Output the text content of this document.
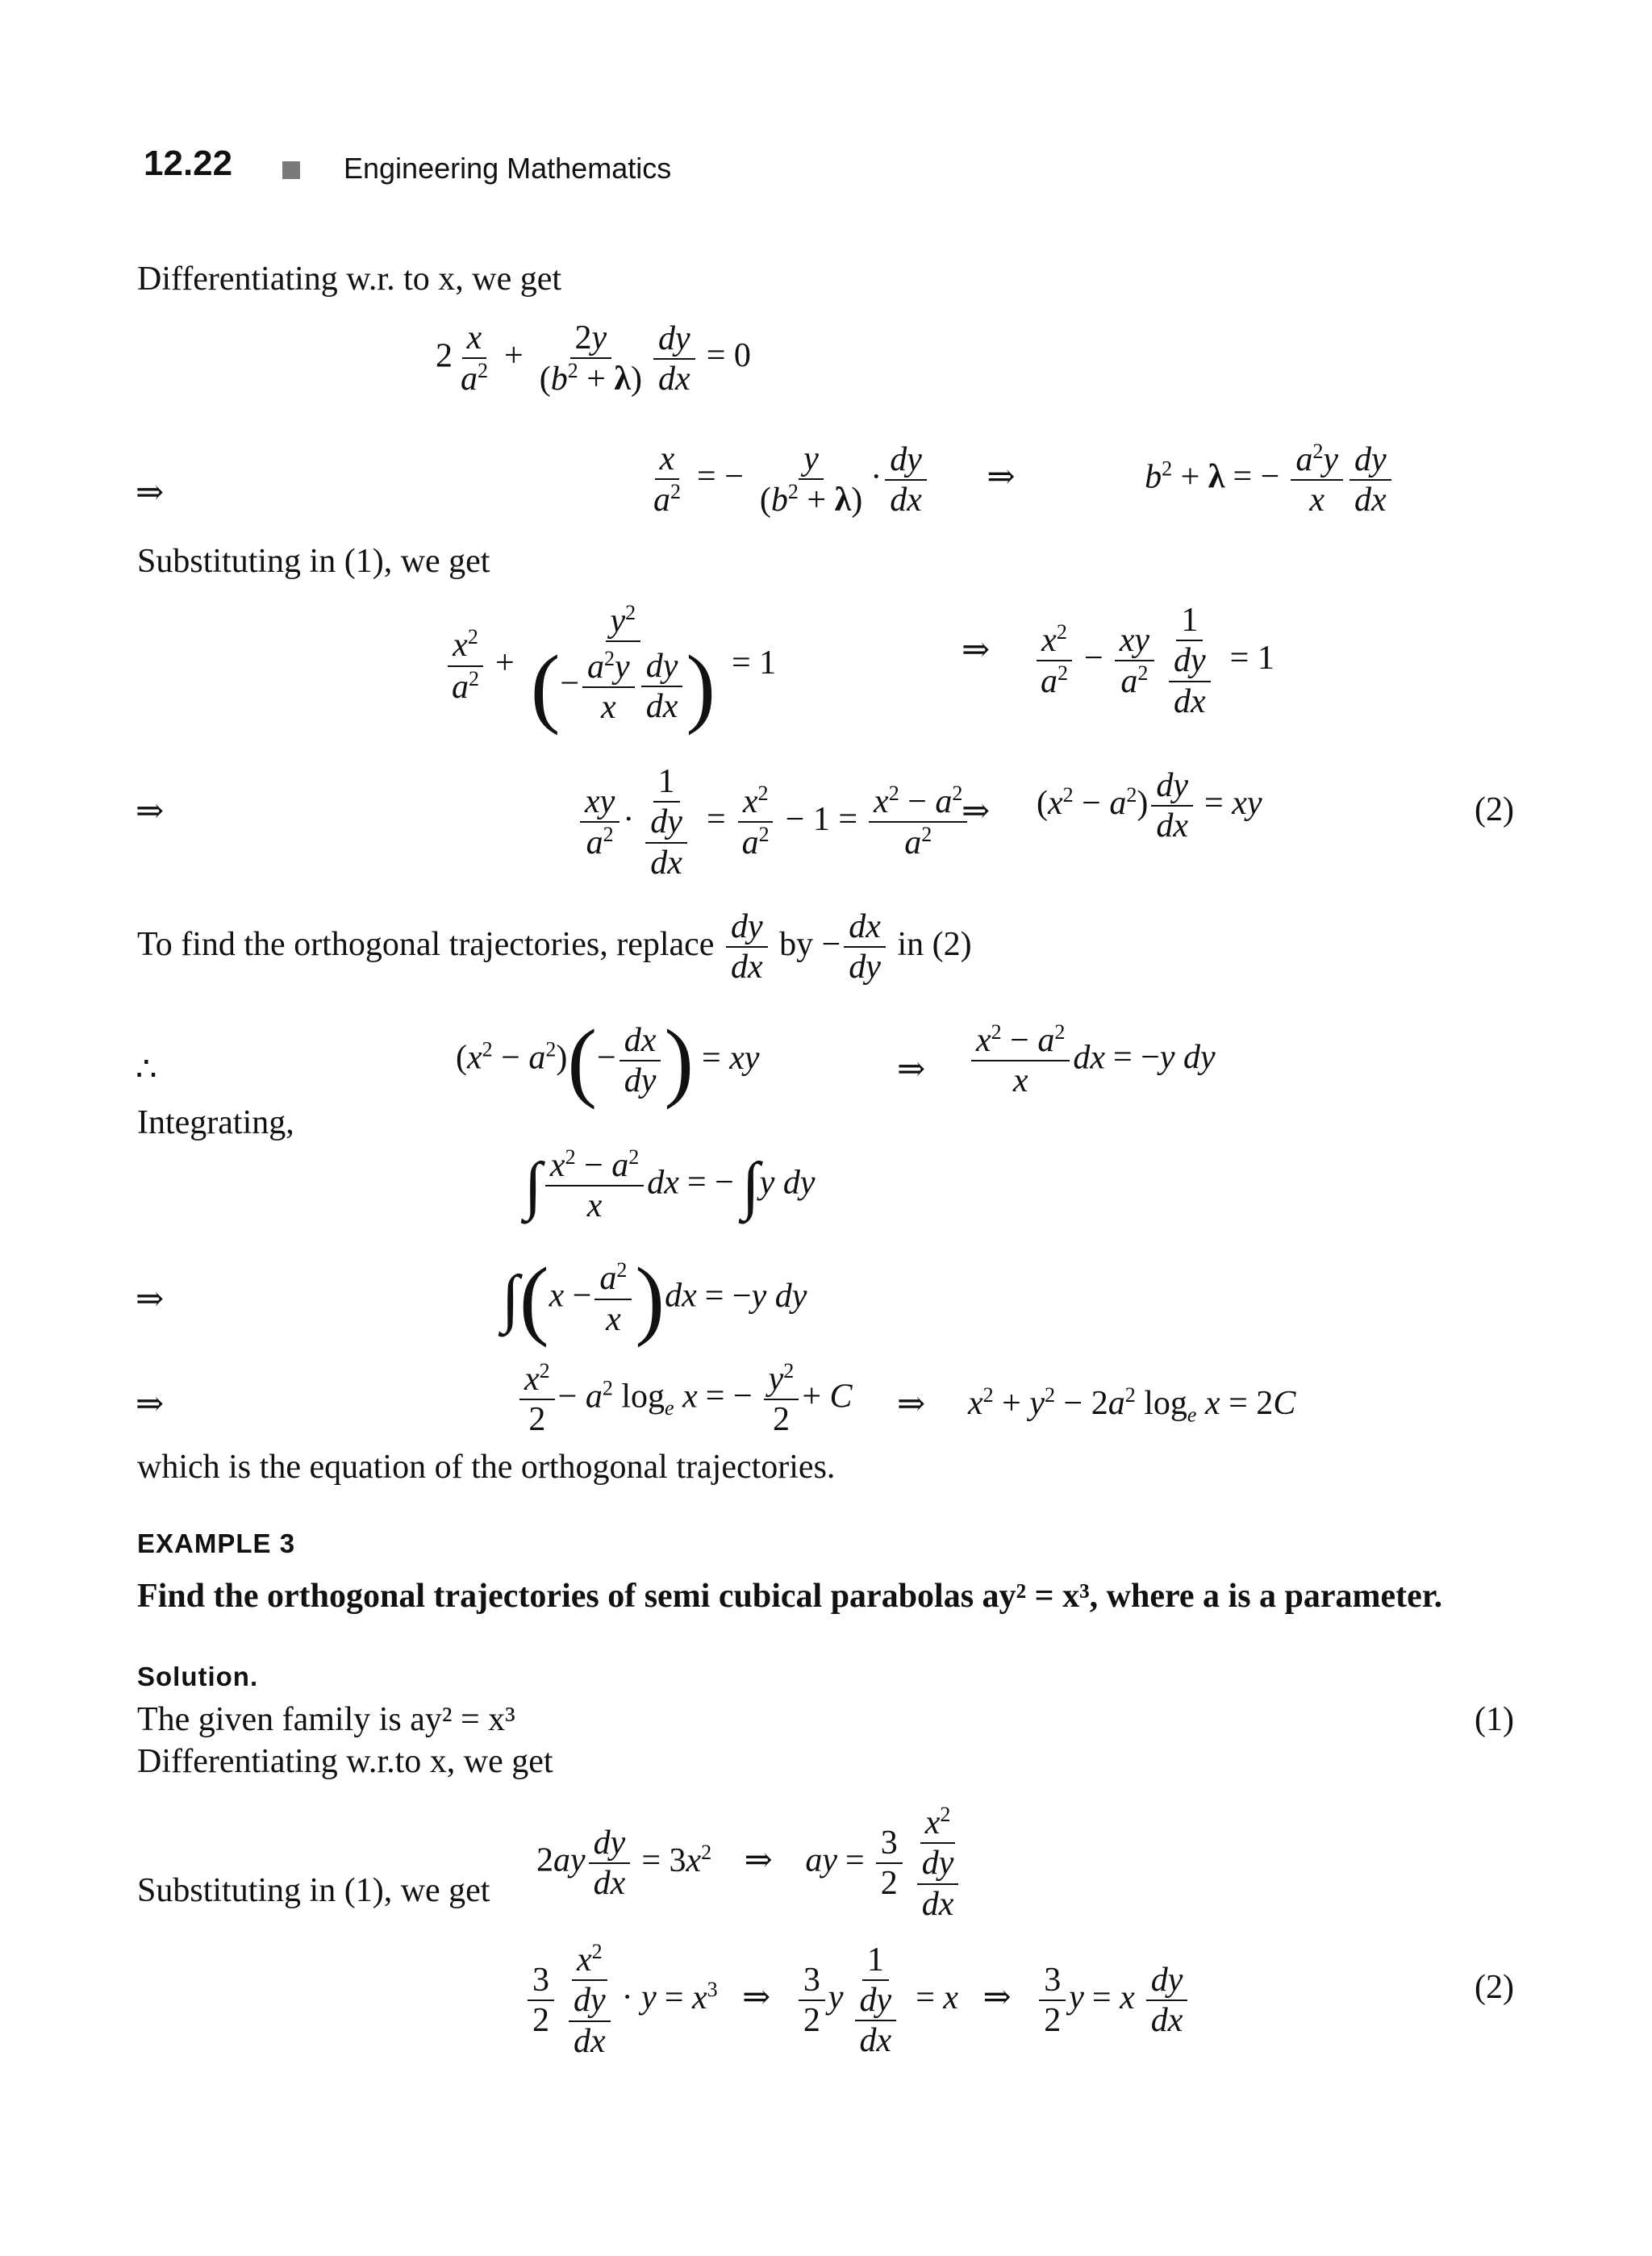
12.22	Engineering Mathematics
Differentiating w.r. to x, we get
$2 \frac{x}{a^2} + \frac{2y}{(b^2 + \lambda)} \frac{dy}{dx} = 0$
⇒	$\frac{x}{a^2}$ = − $\frac{y}{(b^2 + \lambda)} \cdot \frac{dy}{dx}$ ⇒	$b^2 + \lambda$ = − $\frac{a^2y}{x} \frac{dy}{dx}$
Substituting in (1), we get
$\frac{x^2}{a^2} + \frac{y^2}{(- \frac{a^2y}{x} \frac{dy}{dx} )} = 1$	⇒ $\frac{x^2}{a^2} - \frac{xy}{a^2} \frac{1}{\frac{dy}{dx}} = 1$
⇒	$\frac{xy}{a^2} \cdot \frac{1}{\frac{dy}{dx}} = \frac{x^2}{a^2} - 1 = \frac{x^2 - a^2}{a^2}$
⇒ $(x^2 - a^2) \frac{dy}{dx}$ = xy	(2)
To find the orthogonal trajectories, replace $\frac{dy}{dx}$ by − $\frac{dx}{dy}$ in (2)
∴	$(x^2 - a^2)(- \frac{dx}{dy}$ ) = xy	⇒ $\frac{x^2 - a^2}{x}$ dx = −y dy
Integrating,
∫ $\frac{x^2 - a^2}{x}$ dx = − ∫y dy
⇒	$\int(x - \frac{a^2}{x} )dx = -y$ dy
⇒	$\frac{x^2}{2} - a^2$ $\log_e x$ = − $\frac{y^2}{2} + C$ ⇒ $x^2 + y^2 - 2a^2$ $\log_e x = 2C$
which is the equation of the orthogonal trajectories.
EXAMPLE 3
Find the orthogonal trajectories of semi cubical parabolas ay² = x³, where a is a parameter.
Solution.
The given family is ay² = x³	(1)
Differentiating w.r.to x, we get
$2ay \frac{dy}{dx} = 3x^2$ ⇒ ay = $\frac{3}{2} \frac{x^2}{\frac{dy}{dx}}$
Substituting in (1), we get
$\frac{3}{2} \frac{x^2}{\frac{dy}{dx}} \cdot y = x^3$ ⇒ $\frac{3}{2}$ y $\frac{1}{\frac{dy}{dx}} = x$ ⇒ $\frac{3}{2}$ y = x $\frac{dy}{dx}$	(2)
